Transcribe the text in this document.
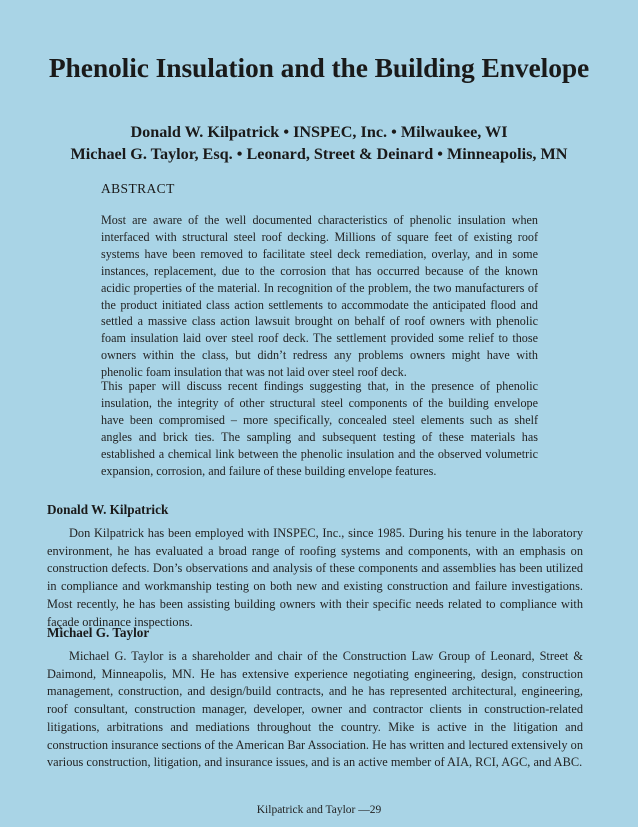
Phenolic Insulation and the Building Envelope
Donald W. Kilpatrick • INSPEC, Inc. • Milwaukee, WI
Michael G. Taylor, Esq. • Leonard, Street & Deinard • Minneapolis, MN
ABSTRACT

Most are aware of the well documented characteristics of phenolic insulation when interfaced with structural steel roof decking. Millions of square feet of existing roof systems have been removed to facilitate steel deck remediation, overlay, and in some instances, replacement, due to the corrosion that has occurred because of the known acidic properties of the material. In recognition of the problem, the two manufacturers of the product initiated class action settlements to accommodate the anticipated flood and settled a massive class action lawsuit brought on behalf of roof owners with phenolic foam insulation laid over steel roof deck. The settlement provided some relief to those owners within the class, but didn’t redress any problems owners might have with phenolic foam insulation that was not laid over steel roof deck.

This paper will discuss recent findings suggesting that, in the presence of phenolic insulation, the integrity of other structural steel components of the building envelope have been compromised – more specifically, concealed steel elements such as shelf angles and brick ties. The sampling and subsequent testing of these materials has established a chemical link between the phenolic insulation and the observed volumetric expansion, corrosion, and failure of these building envelope features.

Donald W. Kilpatrick

Don Kilpatrick has been employed with INSPEC, Inc., since 1985. During his tenure in the laboratory environment, he has evaluated a broad range of roofing systems and components, with an emphasis on construction defects. Don’s observations and analysis of these components and assemblies has been utilized in compliance and workmanship testing on both new and existing construction and failure investigations. Most recently, he has been assisting building owners with their specific needs related to compliance with façade ordinance inspections.

Michael G. Taylor

Michael G. Taylor is a shareholder and chair of the Construction Law Group of Leonard, Street & Daimond, Minneapolis, MN. He has extensive experience negotiating engineering, design, construction management, construction, and design/build contracts, and he has represented architectural, engineering, roof consultant, construction manager, developer, owner and contractor clients in construction-related litigations, arbitrations and mediations throughout the country. Mike is active in the litigation and construction insurance sections of the American Bar Association. He has written and lectured extensively on various construction, litigation, and insurance issues, and is an active member of AIA, RCI, AGC, and ABC.

Kilpatrick and Taylor —29
